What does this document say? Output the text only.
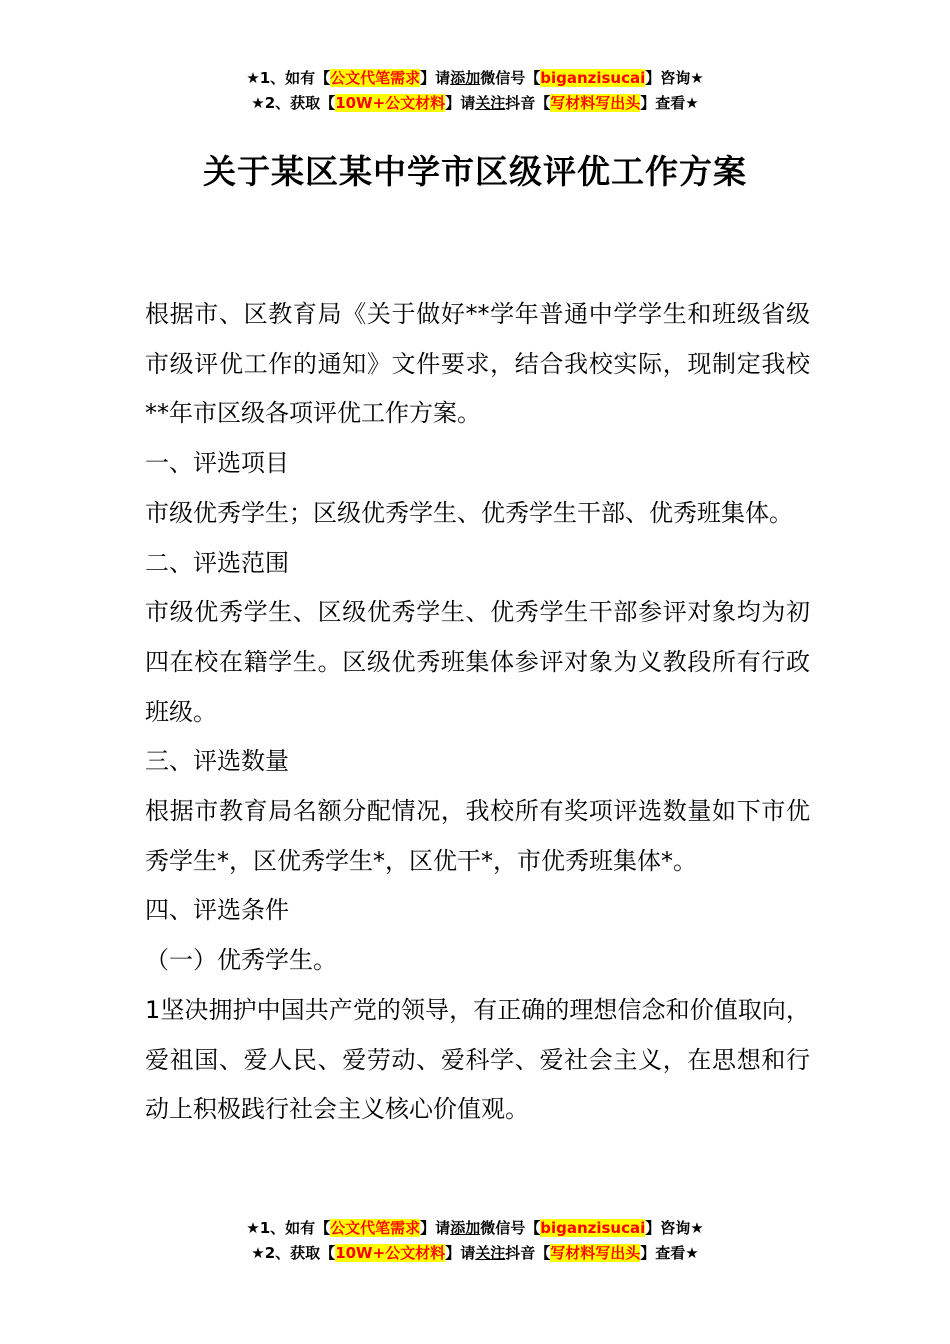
★1、如有【公文代笔需求】请添加微信号【biganzisucai】咨询★
★2、获取【10W+公文材料】请关注抖音【写材料写出头】查看★
关于某区某中学市区级评优工作方案

根据市、区教育局《关于做好**学年普通中学学生和班级省级市级评优工作的通知》文件要求，结合我校实际，现制定我校**年市区级各项评优工作方案。

一、评选项目

市级优秀学生；区级优秀学生、优秀学生干部、优秀班集体。

二、评选范围

市级优秀学生、区级优秀学生、优秀学生干部参评对象均为初四在校在籍学生。区级优秀班集体参评对象为义教段所有行政班级。

三、评选数量

根据市教育局名额分配情况，我校所有奖项评选数量如下市优秀学生*，区优秀学生*，区优干*，市优秀班集体*。

四、评选条件

（一）优秀学生。

1坚决拥护中国共产党的领导，有正确的理想信念和价值取向，爱祖国、爱人民、爱劳动、爱科学、爱社会主义，在思想和行动上积极践行社会主义核心价值观。

★1、如有【公文代笔需求】请添加微信号【biganzisucai】咨询★
★2、获取【10W+公文材料】请关注抖音【写材料写出头】查看★
